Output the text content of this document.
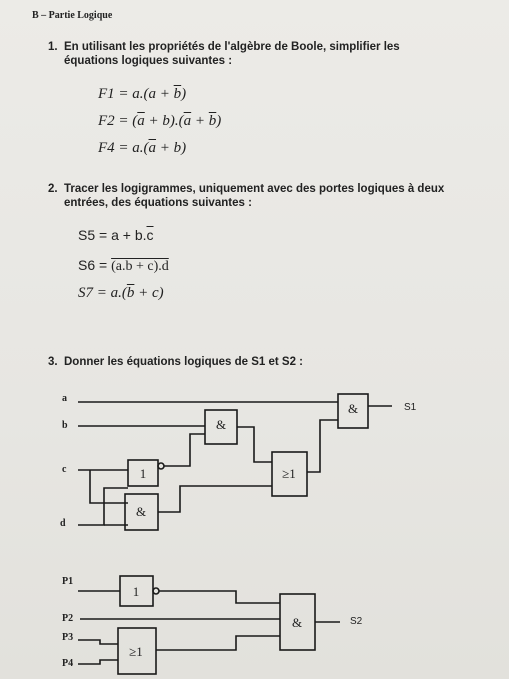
B – Partie Logique
1. En utilisant les propriétés de l'algèbre de Boole, simplifier les
équations logiques suivantes :
$F1 = a.(a + \overline{b})$
$F2 = (\overline{a} + b).(\overline{a} + \overline{b})$
$F4 = a.(\overline{a} + b)$
2. Tracer les logigrammes, uniquement avec des portes logiques à deux
entrées, des équations suivantes :
$S5 = a + b.\overline{c}$
S6 = (a.b + c).d
$S7 = a.(\overline{b} + c)$
3. Donner les équations logiques de S1 et S2 :
a
b
c
d
&
1
&
≥1
&	S1
P1
P2
P3
P4
1
≥1
&	S2
